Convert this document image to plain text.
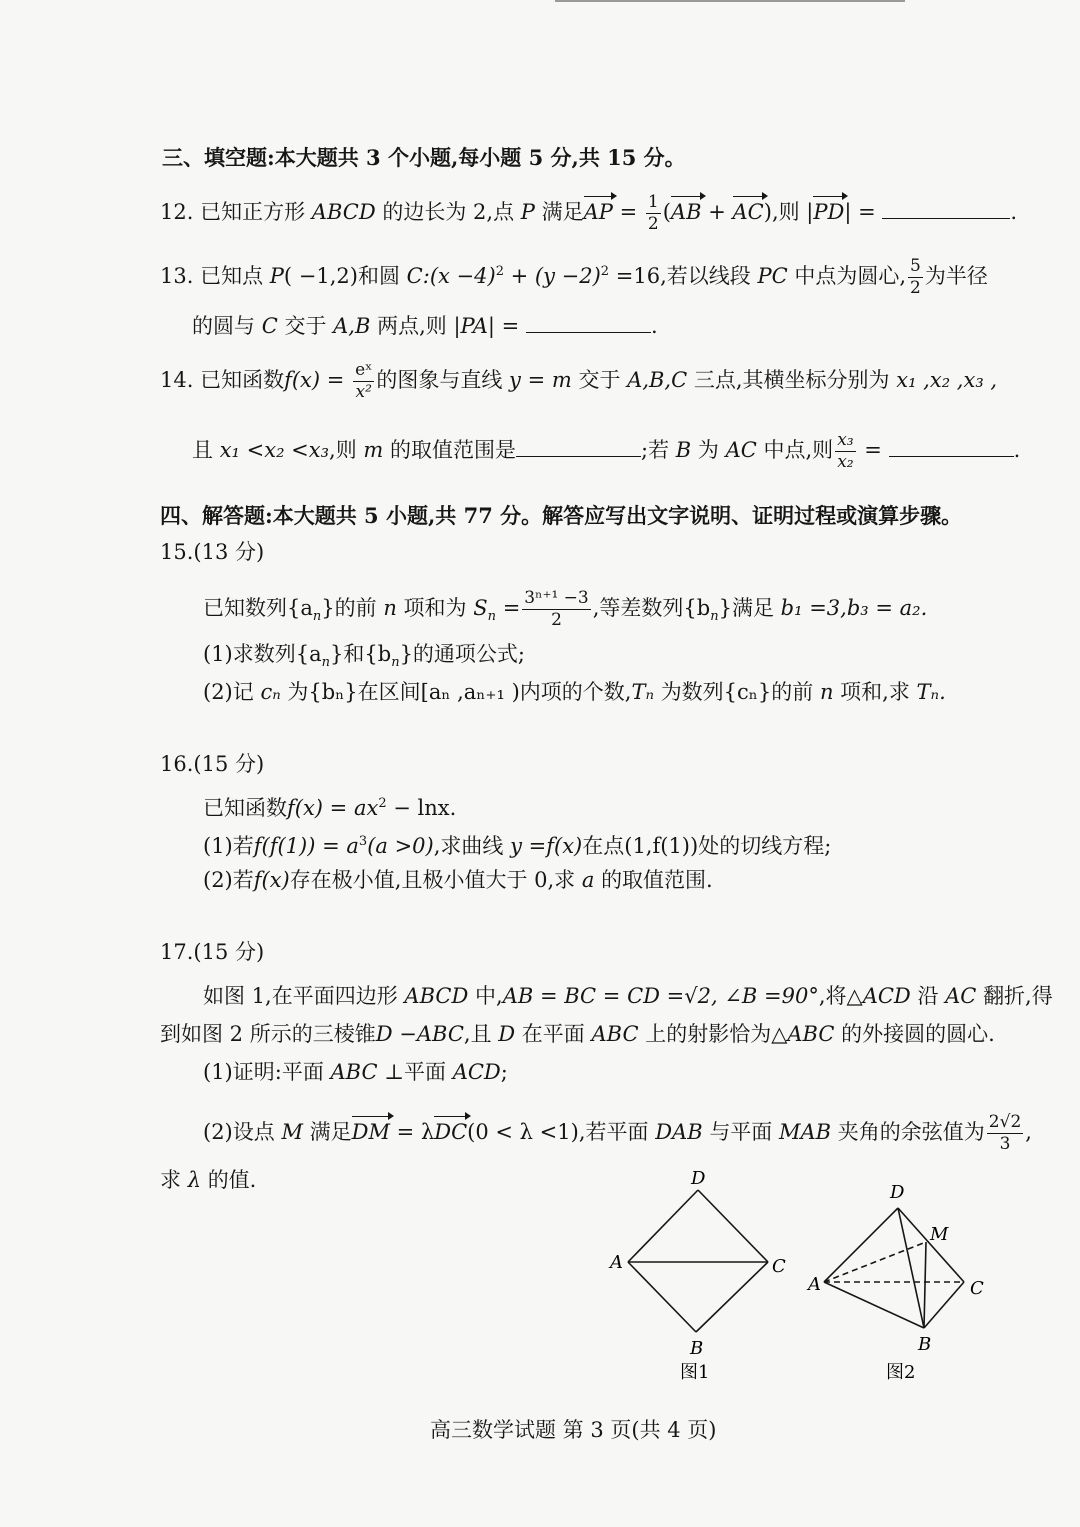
三、填空题:本大题共 3 个小题,每小题 5 分,共 15 分。
12. 已知正方形 ABCD 的边长为 2,点 P 满足AP = $\frac{1}{2} (AB + AC)$,则 |PD| =	.
13. 已知点 P( −1,2)和圆 C:(x $-4)^2 + (y -2)^2 =16$,若以线段 PC 中点为圆心, $\frac{5}{2}$ 为半径
的圆与 C 交于 A,B 两点,则 |PA| =	.
14. 已知函数$f(x) = \frac{\text{eˣ}}{\text{x²}}$ 的图象与直线 y = m 交于 A,B,C 三点,其横坐标分别为 x₁ ,x₂ ,x₃ ,
且 x₁ <x₂ <x₃,则 m 的取值范围是	;若 B 为 AC 中点,则 $\frac{\text{x₃}}{\text{x₂}}$ =	.
四、解答题:本大题共 5 小题,共 77 分。解答应写出文字说明、证明过程或演算步骤。
15.(13 分)
已知数列$\{a_n\}$的前 n 项和为 $S_n = \frac{\text{3ⁿ⁺¹ −3}}{2}$ ,等差数列$\{b_n\}$满足 b₁ =3,b₃ = a₂.
(1)求数列$\{a_n\}$和$\{b_n\}$的通项公式;
(2)记 cₙ 为{bₙ}在区间[aₙ ,aₙ₊₁ )内项的个数,Tₙ 为数列{cₙ}的前 n 项和,求 Tₙ.
16.(15 分)
已知函数$f(x) = ax^2 - \ln x$.
(1)若$f(f(1)) = a^3(a >0)$,求曲线 y =f(x)在点(1,f(1))处的切线方程;
(2)若f(x)存在极小值,且极小值大于 0,求 a 的取值范围.
17.(15 分)
如图 1,在平面四边形 ABCD 中,AB = BC = CD =√2, ∠B =90°,将△ACD 沿 AC 翻折,得
到如图 2 所示的三棱锥D −ABC,且 D 在平面 ABC 上的射影恰为△ABC 的外接圆的圆心.
(1)证明:平面 ABC ⊥平面 ACD;
(2)设点 M 满足DM = λDC(0 < λ <1),若平面 DAB 与平面 MAB 夹角的余弦值为 $\frac{2√2}{3}$ ,
求 λ 的值.	D
A	C
B
图1
D
M
A	C
B
图2
高三数学试题 第 3 页(共 4 页)
